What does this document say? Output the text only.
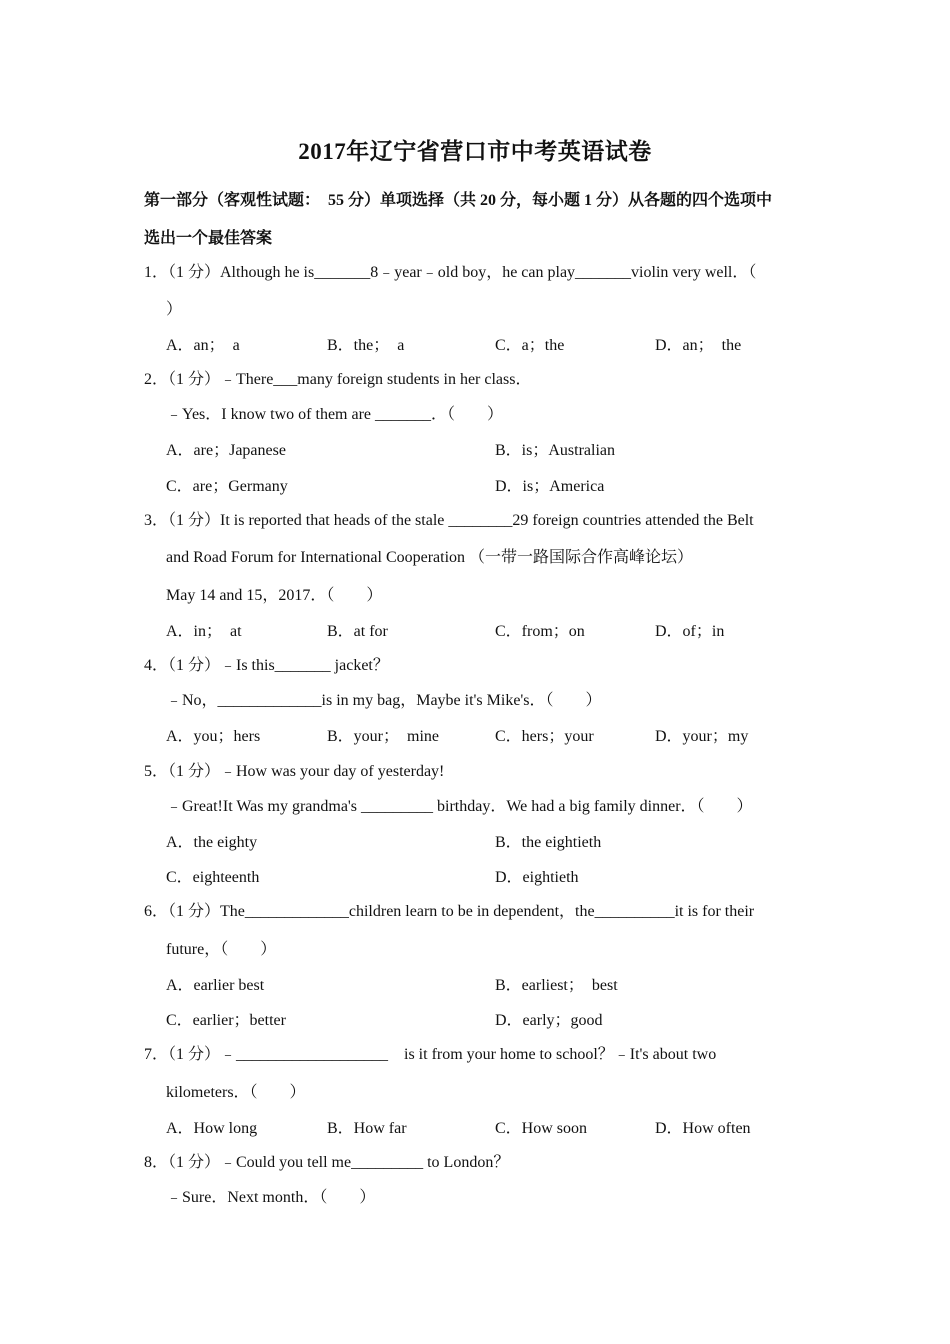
2017年辽宁省营口市中考英语试卷
第一部分（客观性试题：　55 分）单项选择（共 20 分，每小题 1 分）从各题的四个选项中
选出一个最佳答案
1．（1 分）Although he is_______8﹣year﹣old boy，he can play_______violin very well．（
）
A．an；　a	B．the；　a	C．a；the	D．an；　the
2．（1 分）﹣There___many foreign students in her class．
﹣Yes．I know two of them are _______．（　　）
A．are；Japanese	B．is；Australian
C．are；Germany	D．is；America
3．（1 分）It is reported that heads of the stale ________29 foreign countries attended the Belt
and Road Forum for International Cooperation （一带一路国际合作高峰论坛）
May 14 and 15，2017．（　　）
A．in；　at	B．at for	C．from；on	D．of；in
4．（1 分）﹣Is this_______ jacket？
﹣No，_____________is in my bag，Maybe it's Mike's．（　　）
A．you；hers	B．your；　mine	C．hers；your	D．your；my
5．（1 分）﹣How was your day of yesterday!
﹣Great!It Was my grandma's _________ birthday．We had a big family dinner．（　　）
A．the eighty	B．the eightieth
C．eighteenth	D．eightieth
6．（1 分）The_____________children learn to be in dependent，the__________it is for their
future，（　　）
A．earlier best	B．earliest；　best
C．earlier；better	D．early；good
7．（1 分）﹣___________________　is it from your home to school？﹣It's about two
kilometers．（　　）
A．How long	B．How far	C．How soon	D．How often
8．（1 分）﹣Could you tell me_________ to London？
﹣Sure．Next month．（　　）
